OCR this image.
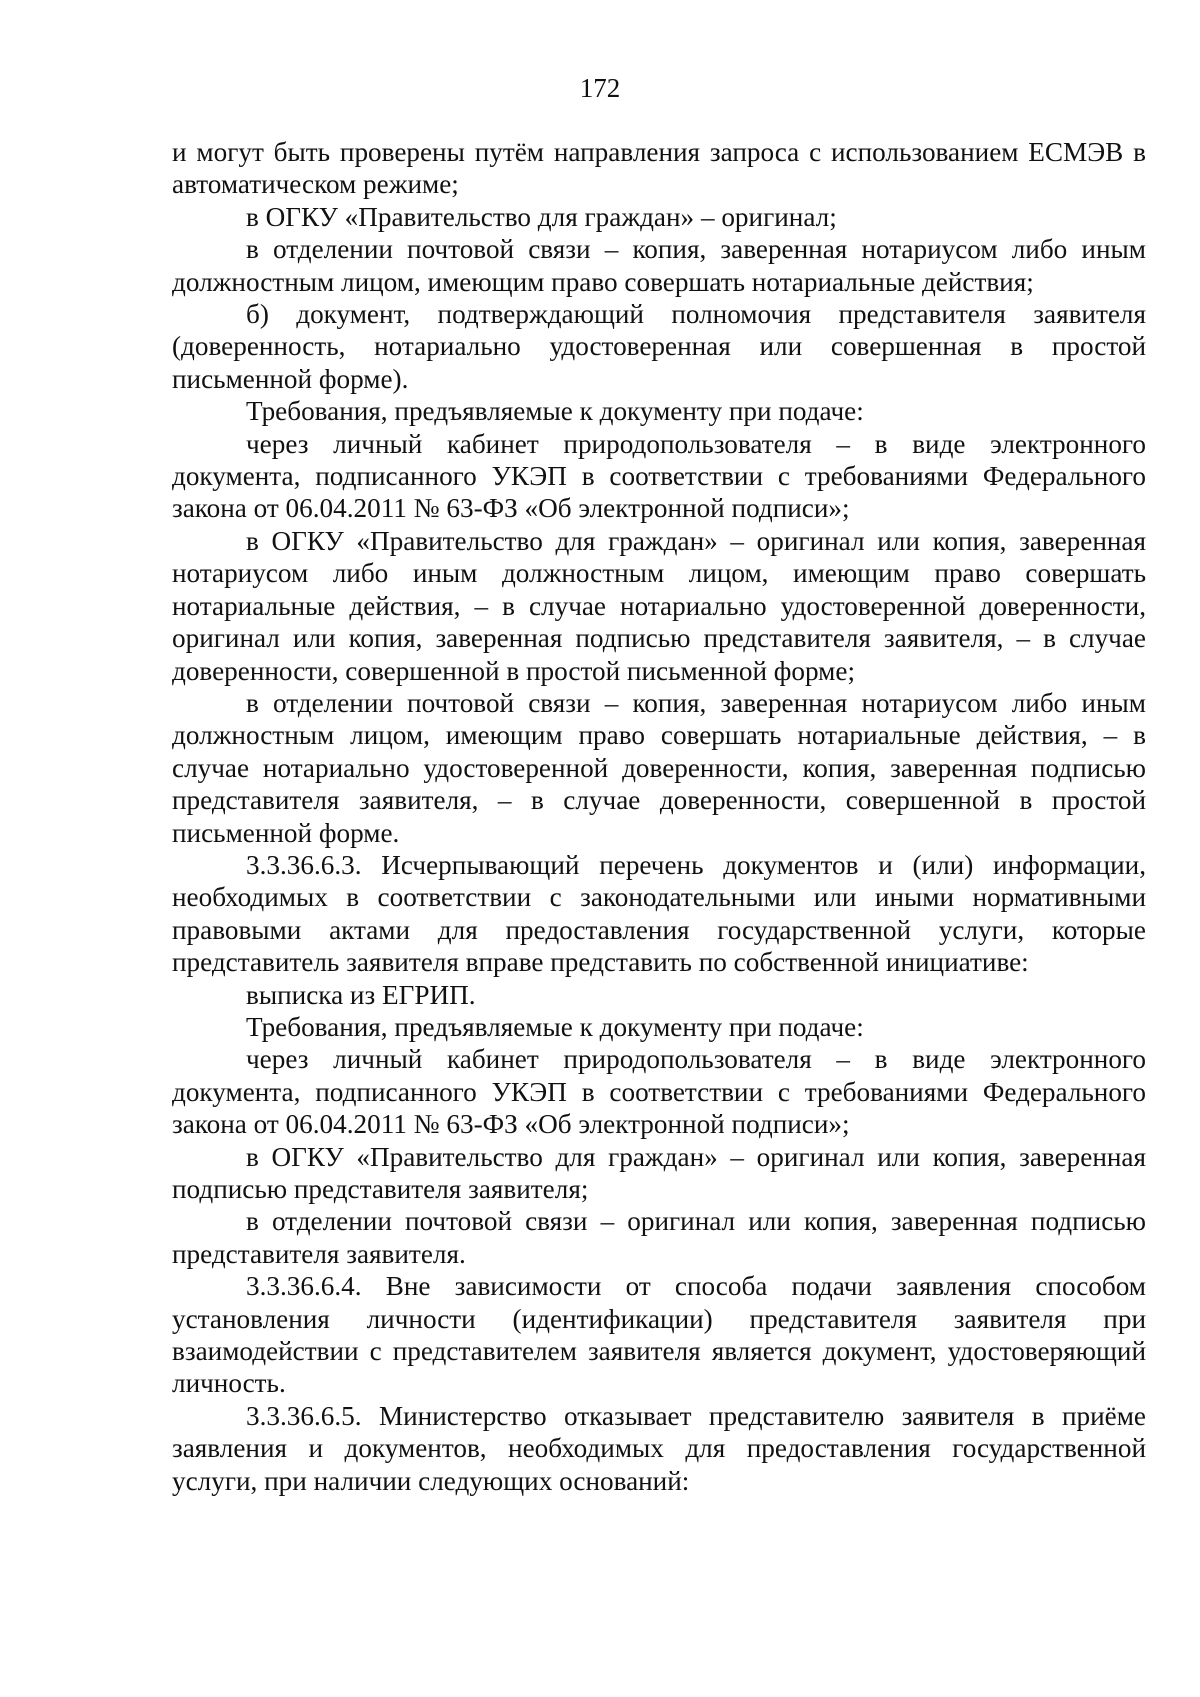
172

и могут быть проверены путём направления запроса с использованием ЕСМЭВ в автоматическом режиме;

в ОГКУ «Правительство для граждан» – оригинал;

в отделении почтовой связи – копия, заверенная нотариусом либо иным должностным лицом, имеющим право совершать нотариальные действия;

б) документ, подтверждающий полномочия представителя заявителя (доверенность, нотариально удостоверенная или совершенная в простой письменной форме).

Требования, предъявляемые к документу при подаче:

через личный кабинет природопользователя – в виде электронного документа, подписанного УКЭП в соответствии с требованиями Федерального закона от 06.04.2011 № 63-ФЗ «Об электронной подписи»;

в ОГКУ «Правительство для граждан» – оригинал или копия, заверенная нотариусом либо иным должностным лицом, имеющим право совершать нотариальные действия, – в случае нотариально удостоверенной доверенности, оригинал или копия, заверенная подписью представителя заявителя, – в случае доверенности, совершенной в простой письменной форме;

в отделении почтовой связи – копия, заверенная нотариусом либо иным должностным лицом, имеющим право совершать нотариальные действия, – в случае нотариально удостоверенной доверенности, копия, заверенная подписью представителя заявителя, – в случае доверенности, совершенной в простой письменной форме.

3.3.36.6.3. Исчерпывающий перечень документов и (или) информации, необходимых в соответствии с законодательными или иными нормативными правовыми актами для предоставления государственной услуги, которые представитель заявителя вправе представить по собственной инициативе:

выписка из ЕГРИП.

Требования, предъявляемые к документу при подаче:

через личный кабинет природопользователя – в виде электронного документа, подписанного УКЭП в соответствии с требованиями Федерального закона от 06.04.2011 № 63-ФЗ «Об электронной подписи»;

в ОГКУ «Правительство для граждан» – оригинал или копия, заверенная подписью представителя заявителя;

в отделении почтовой связи – оригинал или копия, заверенная подписью представителя заявителя.

3.3.36.6.4. Вне зависимости от способа подачи заявления способом установления личности (идентификации) представителя заявителя при взаимодействии с представителем заявителя является документ, удостоверяющий личность.

3.3.36.6.5. Министерство отказывает представителю заявителя в приёме заявления и документов, необходимых для предоставления государственной услуги, при наличии следующих оснований:
